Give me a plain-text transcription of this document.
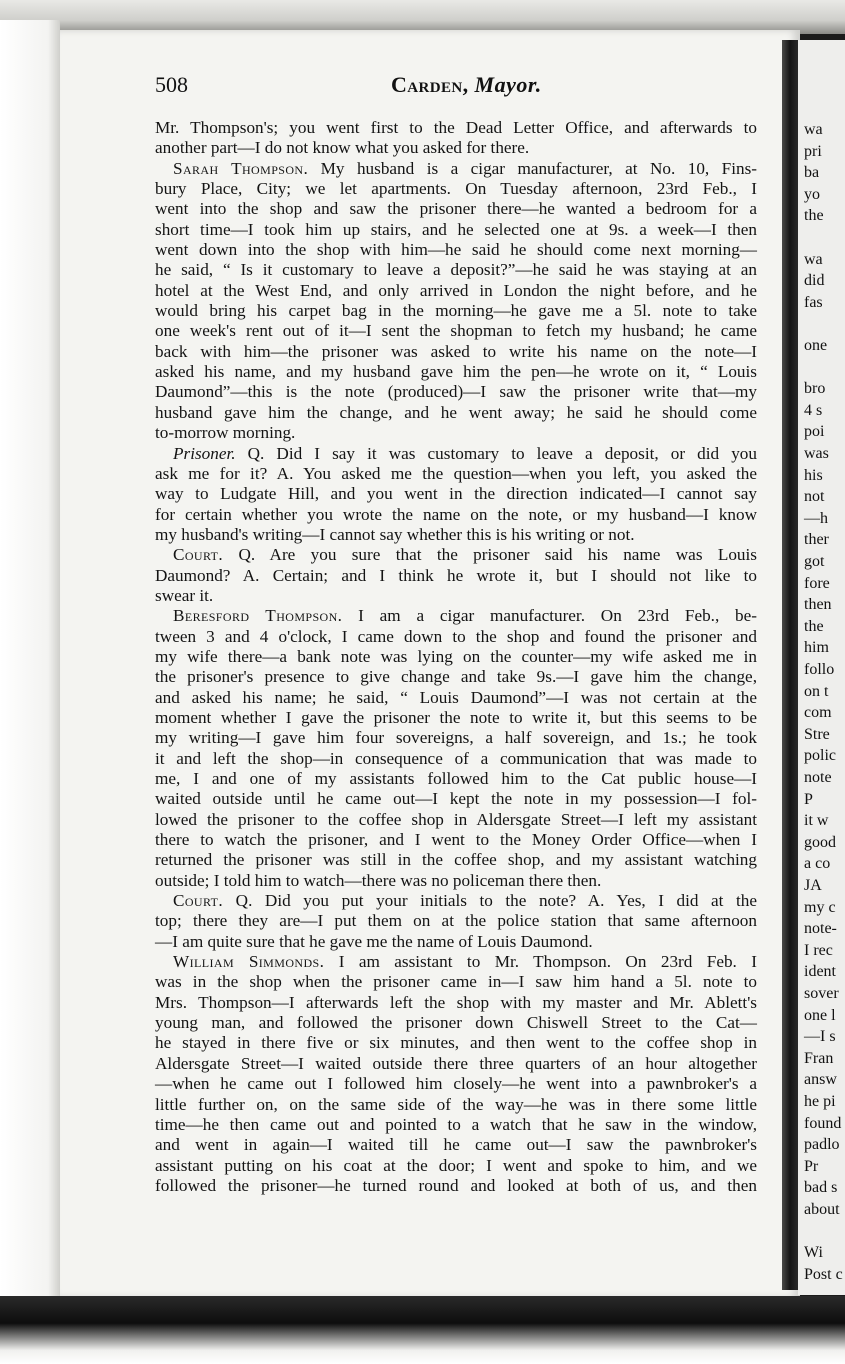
wa
pri
ba
yo
the
wa
did
fas
one
bro
4 s
poi
was
his
not
—h
ther
got
fore
then
the
him
follo
on t
com
Stre
polic
note
P
it w
good
a co
JA
my c
note-
I rec
ident
sover
one l
—I s
Fran
answ
he pi
found
padlo
Pr
bad s
about
Wi
Post c
508	Carden, Mayor.
Mr. Thompson's; you went first to the Dead Letter Office, and afterwards to
another part—I do not know what you asked for there.
Sarah Thompson. My husband is a cigar manufacturer, at No. 10, Fins-
bury Place, City; we let apartments. On Tuesday afternoon, 23rd Feb., I
went into the shop and saw the prisoner there—he wanted a bedroom for a
short time—I took him up stairs, and he selected one at 9s. a week—I then
went down into the shop with him—he said he should come next morning—
he said, “ Is it customary to leave a deposit?”—he said he was staying at an
hotel at the West End, and only arrived in London the night before, and he
would bring his carpet bag in the morning—he gave me a 5l. note to take
one week's rent out of it—I sent the shopman to fetch my husband; he came
back with him—the prisoner was asked to write his name on the note—I
asked his name, and my husband gave him the pen—he wrote on it, “ Louis
Daumond”—this is the note (produced)—I saw the prisoner write that—my
husband gave him the change, and he went away; he said he should come
to-morrow morning.
Prisoner. Q. Did I say it was customary to leave a deposit, or did you
ask me for it? A. You asked me the question—when you left, you asked the
way to Ludgate Hill, and you went in the direction indicated—I cannot say
for certain whether you wrote the name on the note, or my husband—I know
my husband's writing—I cannot say whether this is his writing or not.
Court. Q. Are you sure that the prisoner said his name was Louis
Daumond? A. Certain; and I think he wrote it, but I should not like to
swear it.
Beresford Thompson. I am a cigar manufacturer. On 23rd Feb., be-
tween 3 and 4 o'clock, I came down to the shop and found the prisoner and
my wife there—a bank note was lying on the counter—my wife asked me in
the prisoner's presence to give change and take 9s.—I gave him the change,
and asked his name; he said, “ Louis Daumond”—I was not certain at the
moment whether I gave the prisoner the note to write it, but this seems to be
my writing—I gave him four sovereigns, a half sovereign, and 1s.; he took
it and left the shop—in consequence of a communication that was made to
me, I and one of my assistants followed him to the Cat public house—I
waited outside until he came out—I kept the note in my possession—I fol-
lowed the prisoner to the coffee shop in Aldersgate Street—I left my assistant
there to watch the prisoner, and I went to the Money Order Office—when I
returned the prisoner was still in the coffee shop, and my assistant watching
outside; I told him to watch—there was no policeman there then.
Court. Q. Did you put your initials to the note? A. Yes, I did at the
top; there they are—I put them on at the police station that same afternoon
—I am quite sure that he gave me the name of Louis Daumond.
William Simmonds. I am assistant to Mr. Thompson. On 23rd Feb. I
was in the shop when the prisoner came in—I saw him hand a 5l. note to
Mrs. Thompson—I afterwards left the shop with my master and Mr. Ablett's
young man, and followed the prisoner down Chiswell Street to the Cat—
he stayed in there five or six minutes, and then went to the coffee shop in
Aldersgate Street—I waited outside there three quarters of an hour altogether
—when he came out I followed him closely—he went into a pawnbroker's a
little further on, on the same side of the way—he was in there some little
time—he then came out and pointed to a watch that he saw in the window,
and went in again—I waited till he came out—I saw the pawnbroker's
assistant putting on his coat at the door; I went and spoke to him, and we
followed the prisoner—he turned round and looked at both of us, and then
